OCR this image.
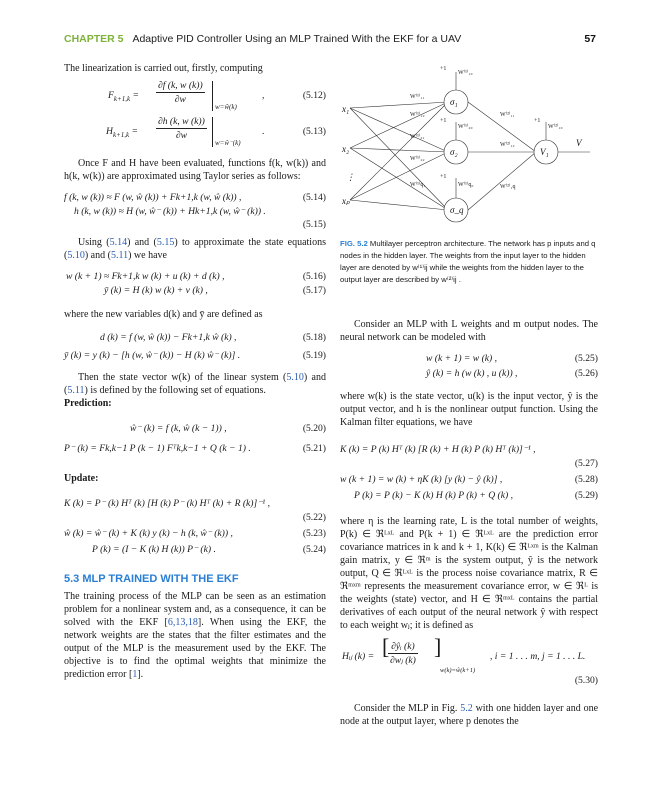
CHAPTER 5 Adaptive PID Controller Using an MLP Trained With the EKF for a UAV	57

The linearization is carried out, firstly, computing

$F_{k+1,k} = \frac{\partial f (k, w (k))}{\partial w}$
w=ŵ(k)
,	(5.12)
$H_{k+1,k} = \frac{\partial h (k, w (k))}{\partial w}$
w=ŵ⁻(k)
.	(5.13)

Once F and H have been evaluated, functions f(k, w(k)) and h(k, w(k)) are approximated using Taylor series as follows:

f (k, w (k)) ≈ F (w, ŵ (k)) + Fk+1,k (w, ŵ (k)) ,	(5.14)
h (k, w (k)) ≈ H (w, ŵ⁻ (k)) + Hk+1,k (w, ŵ⁻ (k)) .
(5.15)

Using (5.14) and (5.15) to approximate the state equations (5.10) and (5.11) we have

w (k + 1) ≈ Fk+1,k w (k) + u (k) + d (k) ,	(5.16)
ȳ (k) = H (k) w (k) + v (k) ,	(5.17)

where the new variables d(k) and ȳ are defined as

d (k) = f (w, ŵ (k)) − Fk+1,k ŵ (k) ,	(5.18)
ȳ (k) = y (k) − [h (w, ŵ⁻ (k)) − H (k) ŵ⁻ (k)] .	(5.19)

Then the state vector w(k) of the linear system (5.10) and (5.11) is defined by the following set of equations.

Prediction:

ŵ⁻ (k) = f (k, ŵ (k − 1)) ,	(5.20)
P⁻ (k) = Fk,k−1 P (k − 1) Fᵀk,k−1 + Q (k − 1) .	(5.21)

Update:

K (k) = P⁻ (k) Hᵀ (k) [H (k) P⁻ (k) Hᵀ (k) + R (k)]⁻¹ ,
(5.22)
ŵ (k) = ŵ⁻ (k) + K (k) y (k) − h (k, ŵ⁻ (k)) ,	(5.23)
P (k) = (I − K (k) H (k)) P⁻ (k) .	(5.24)
5.3 MLP TRAINED WITH THE EKF

The training process of the MLP can be seen as an estimation problem for a nonlinear system and, as a consequence, it can be solved with the EKF [6,13,18]. When using the EKF, the network weights are the states that the filter estimates and the output of the MLP is the measurement used by the EKF. The objective is to find the optimal weights that minimize the prediction error [1].

x₁
x₂
⋮
xₚ
σ₁
σ₂
σ_q
V₁
V
+1
W⁽¹⁾₁₀
+1
W⁽¹⁾₂₀
+1
W⁽¹⁾q₀
+1
W⁽²⁾₁₀
W⁽¹⁾₁₁
W⁽¹⁾₁₂
W⁽¹⁾₂₁
W⁽¹⁾₂₂
W⁽¹⁾q₁
W⁽²⁾₁₁
W⁽²⁾₁₂
W⁽²⁾₁q
FIG. 5.2 Multilayer perceptron architecture. The network has p inputs and q nodes in the hidden layer. The weights from the input layer to the hidden layer are denoted by w⁽¹⁾ij while the weights from the hidden layer to the output layer are described by w⁽²⁾ij .

Consider an MLP with L weights and m output nodes. The neural network can be modeled with

w (k + 1) = w (k) ,	(5.25)
ŷ (k) = h (w (k) , u (k)) ,	(5.26)

where w(k) is the state vector, u(k) is the input vector, ŷ is the output vector, and h is the nonlinear output function. Using the Kalman filter equations, we have

K (k) = P (k) Hᵀ (k) [R (k) + H (k) P (k) Hᵀ (k)]⁻¹ ,
(5.27)
w (k + 1) = w (k) + ηK (k) [y (k) − ŷ (k)] ,	(5.28)
P (k) = P (k) − K (k) H (k) P (k) + Q (k) ,	(5.29)

where η is the learning rate, L is the total number of weights, P(k) ∈ ℜᴸˣᴸ and P(k + 1) ∈ ℜᴸˣᴸ are the prediction error covariance matrices in k and k + 1, K(k) ∈ ℜᴸˣᵐ is the Kalman gain matrix, y ∈ ℜᵐ is the system output, ŷ is the network output, Q ∈ ℜᴸˣᴸ is the process noise covariance matrix, R ∈ ℜᵐˣᵐ represents the measurement covariance error, w ∈ ℜᴸ is the weights (state) vector, and H ∈ ℜᵐˣᴸ contains the partial derivatives of each output of the neural network ŷ with respect to each weight wⱼ; it is defined as

Hᵢⱼ (k) = [
$\frac{\text{∂ŷᵢ (k)}}{\text{∂wⱼ (k)}}$ ]
w(k)=ŵ(k+1)
, i = 1 . . . m, j = 1 . . . L.
(5.30)

Consider the MLP in Fig. 5.2 with one hidden layer and one node at the output layer, where p denotes the
